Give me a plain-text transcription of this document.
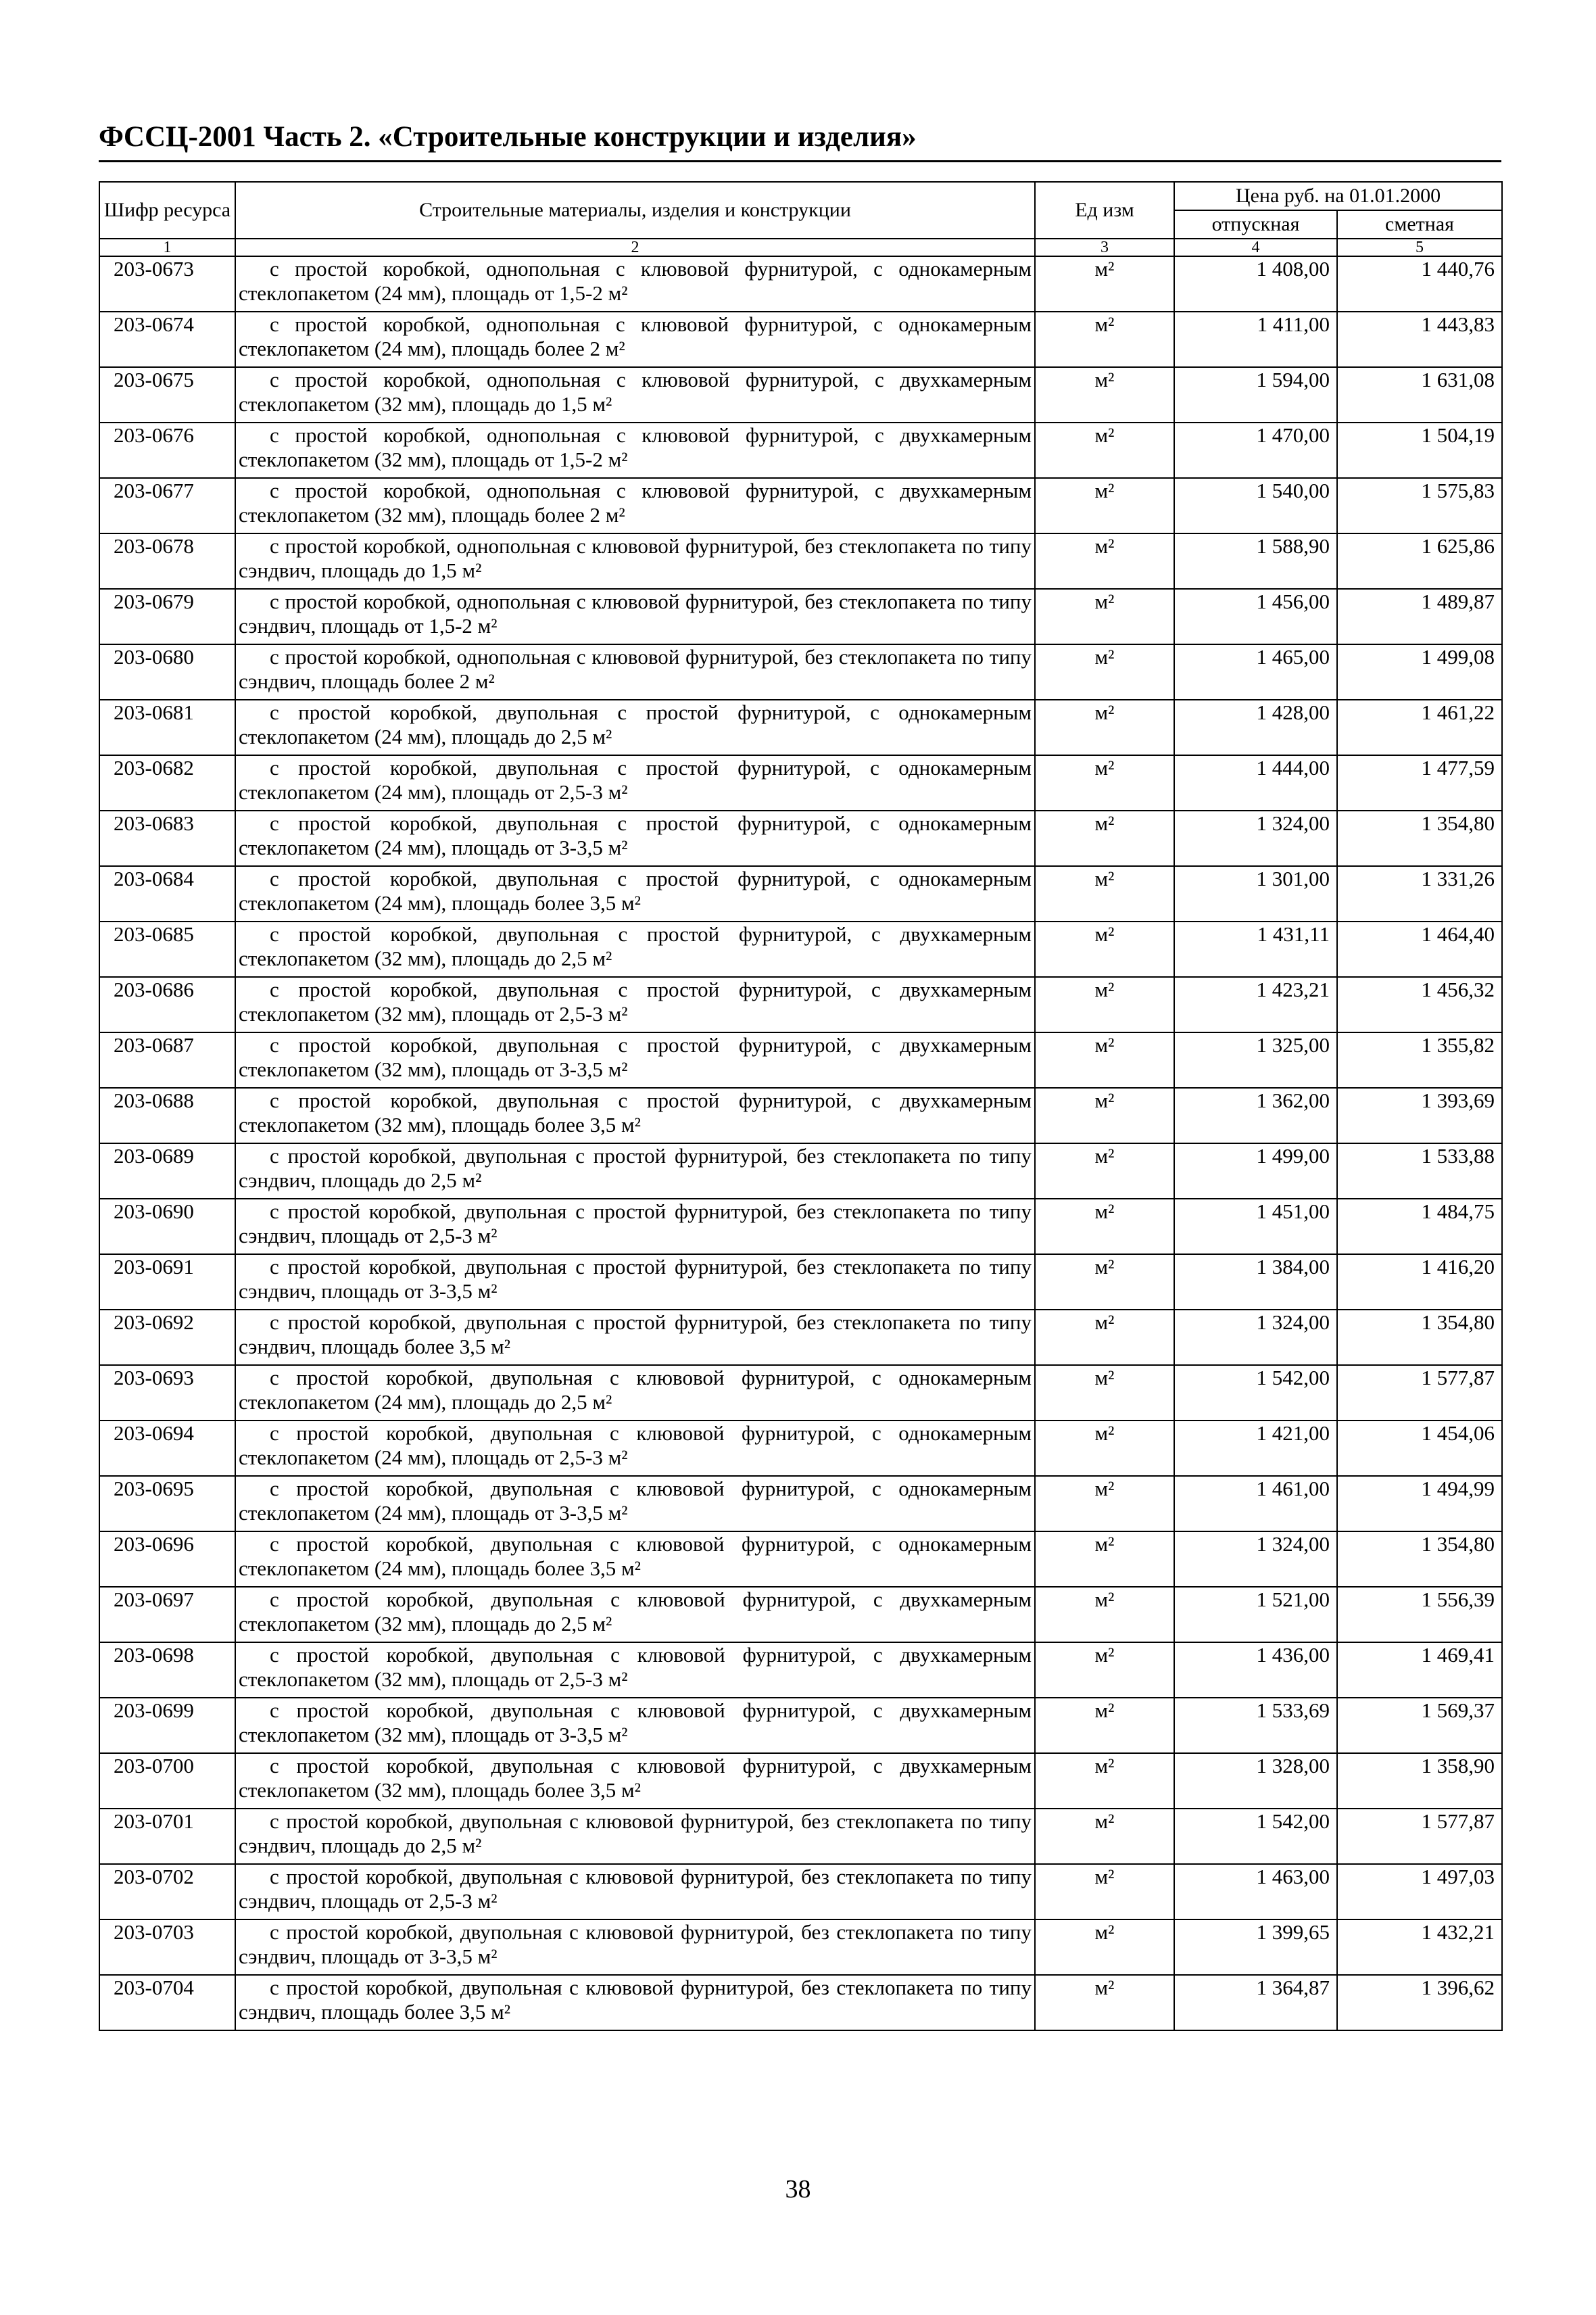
ФССЦ-2001 Часть 2. «Строительные конструкции и изделия»
Шифр ресурса	Строительные материалы, изделия и конструкции	Ед изм	Цена руб. на 01.01.2000	
			отпускная	сметная
1	2	3	4	5
203-0673	с простой коробкой, однопольная с клювовой фурнитурой, с однокамерным стеклопакетом (24 мм), площадь от 1,5-2 м²	м²	1 408,00	1 440,76
203-0674	с простой коробкой, однопольная с клювовой фурнитурой, с однокамерным стеклопакетом (24 мм), площадь более 2 м²	м²	1 411,00	1 443,83
203-0675	с простой коробкой, однопольная с клювовой фурнитурой, с двухкамерным стеклопакетом (32 мм), площадь до 1,5 м²	м²	1 594,00	1 631,08
203-0676	с простой коробкой, однопольная с клювовой фурнитурой, с двухкамерным стеклопакетом (32 мм), площадь от 1,5-2 м²	м²	1 470,00	1 504,19
203-0677	с простой коробкой, однопольная с клювовой фурнитурой, с двухкамерным стеклопакетом (32 мм), площадь более 2 м²	м²	1 540,00	1 575,83
203-0678	с простой коробкой, однопольная с клювовой фурнитурой, без стеклопакета по типу сэндвич, площадь до 1,5 м²	м²	1 588,90	1 625,86
203-0679	с простой коробкой, однопольная с клювовой фурнитурой, без стеклопакета по типу сэндвич, площадь от 1,5-2 м²	м²	1 456,00	1 489,87
203-0680	с простой коробкой, однопольная с клювовой фурнитурой, без стеклопакета по типу сэндвич, площадь более 2 м²	м²	1 465,00	1 499,08
203-0681	с простой коробкой, двупольная с простой фурнитурой, с однокамерным стеклопакетом (24 мм), площадь до 2,5 м²	м²	1 428,00	1 461,22
203-0682	с простой коробкой, двупольная с простой фурнитурой, с однокамерным стеклопакетом (24 мм), площадь от 2,5-3 м²	м²	1 444,00	1 477,59
203-0683	с простой коробкой, двупольная с простой фурнитурой, с однокамерным стеклопакетом (24 мм), площадь от 3-3,5 м²	м²	1 324,00	1 354,80
203-0684	с простой коробкой, двупольная с простой фурнитурой, с однокамерным стеклопакетом (24 мм), площадь более 3,5 м²	м²	1 301,00	1 331,26
203-0685	с простой коробкой, двупольная с простой фурнитурой, с двухкамерным стеклопакетом (32 мм), площадь до 2,5 м²	м²	1 431,11	1 464,40
203-0686	с простой коробкой, двупольная с простой фурнитурой, с двухкамерным стеклопакетом (32 мм), площадь от 2,5-3 м²	м²	1 423,21	1 456,32
203-0687	с простой коробкой, двупольная с простой фурнитурой, с двухкамерным стеклопакетом (32 мм), площадь от 3-3,5 м²	м²	1 325,00	1 355,82
203-0688	с простой коробкой, двупольная с простой фурнитурой, с двухкамерным стеклопакетом (32 мм), площадь более 3,5 м²	м²	1 362,00	1 393,69
203-0689	с простой коробкой, двупольная с простой фурнитурой, без стеклопакета по типу сэндвич, площадь до 2,5 м²	м²	1 499,00	1 533,88
203-0690	с простой коробкой, двупольная с простой фурнитурой, без стеклопакета по типу сэндвич, площадь от 2,5-3 м²	м²	1 451,00	1 484,75
203-0691	с простой коробкой, двупольная с простой фурнитурой, без стеклопакета по типу сэндвич, площадь от 3-3,5 м²	м²	1 384,00	1 416,20
203-0692	с простой коробкой, двупольная с простой фурнитурой, без стеклопакета по типу сэндвич, площадь более 3,5 м²	м²	1 324,00	1 354,80
203-0693	с простой коробкой, двупольная с клювовой фурнитурой, с однокамерным стеклопакетом (24 мм), площадь до 2,5 м²	м²	1 542,00	1 577,87
203-0694	с простой коробкой, двупольная с клювовой фурнитурой, с однокамерным стеклопакетом (24 мм), площадь от 2,5-3 м²	м²	1 421,00	1 454,06
203-0695	с простой коробкой, двупольная с клювовой фурнитурой, с однокамерным стеклопакетом (24 мм), площадь от 3-3,5 м²	м²	1 461,00	1 494,99
203-0696	с простой коробкой, двупольная с клювовой фурнитурой, с однокамерным стеклопакетом (24 мм), площадь более 3,5 м²	м²	1 324,00	1 354,80
203-0697	с простой коробкой, двупольная с клювовой фурнитурой, с двухкамерным стеклопакетом (32 мм), площадь до 2,5 м²	м²	1 521,00	1 556,39
203-0698	с простой коробкой, двупольная с клювовой фурнитурой, с двухкамерным стеклопакетом (32 мм), площадь от 2,5-3 м²	м²	1 436,00	1 469,41
203-0699	с простой коробкой, двупольная с клювовой фурнитурой, с двухкамерным стеклопакетом (32 мм), площадь от 3-3,5 м²	м²	1 533,69	1 569,37
203-0700	с простой коробкой, двупольная с клювовой фурнитурой, с двухкамерным стеклопакетом (32 мм), площадь более 3,5 м²	м²	1 328,00	1 358,90
203-0701	с простой коробкой, двупольная с клювовой фурнитурой, без стеклопакета по типу сэндвич, площадь до 2,5 м²	м²	1 542,00	1 577,87
203-0702	с простой коробкой, двупольная с клювовой фурнитурой, без стеклопакета по типу сэндвич, площадь от 2,5-3 м²	м²	1 463,00	1 497,03
203-0703	с простой коробкой, двупольная с клювовой фурнитурой, без стеклопакета по типу сэндвич, площадь от 3-3,5 м²	м²	1 399,65	1 432,21
203-0704	с простой коробкой, двупольная с клювовой фурнитурой, без стеклопакета по типу сэндвич, площадь более 3,5 м²	м²	1 364,87	1 396,62
38
